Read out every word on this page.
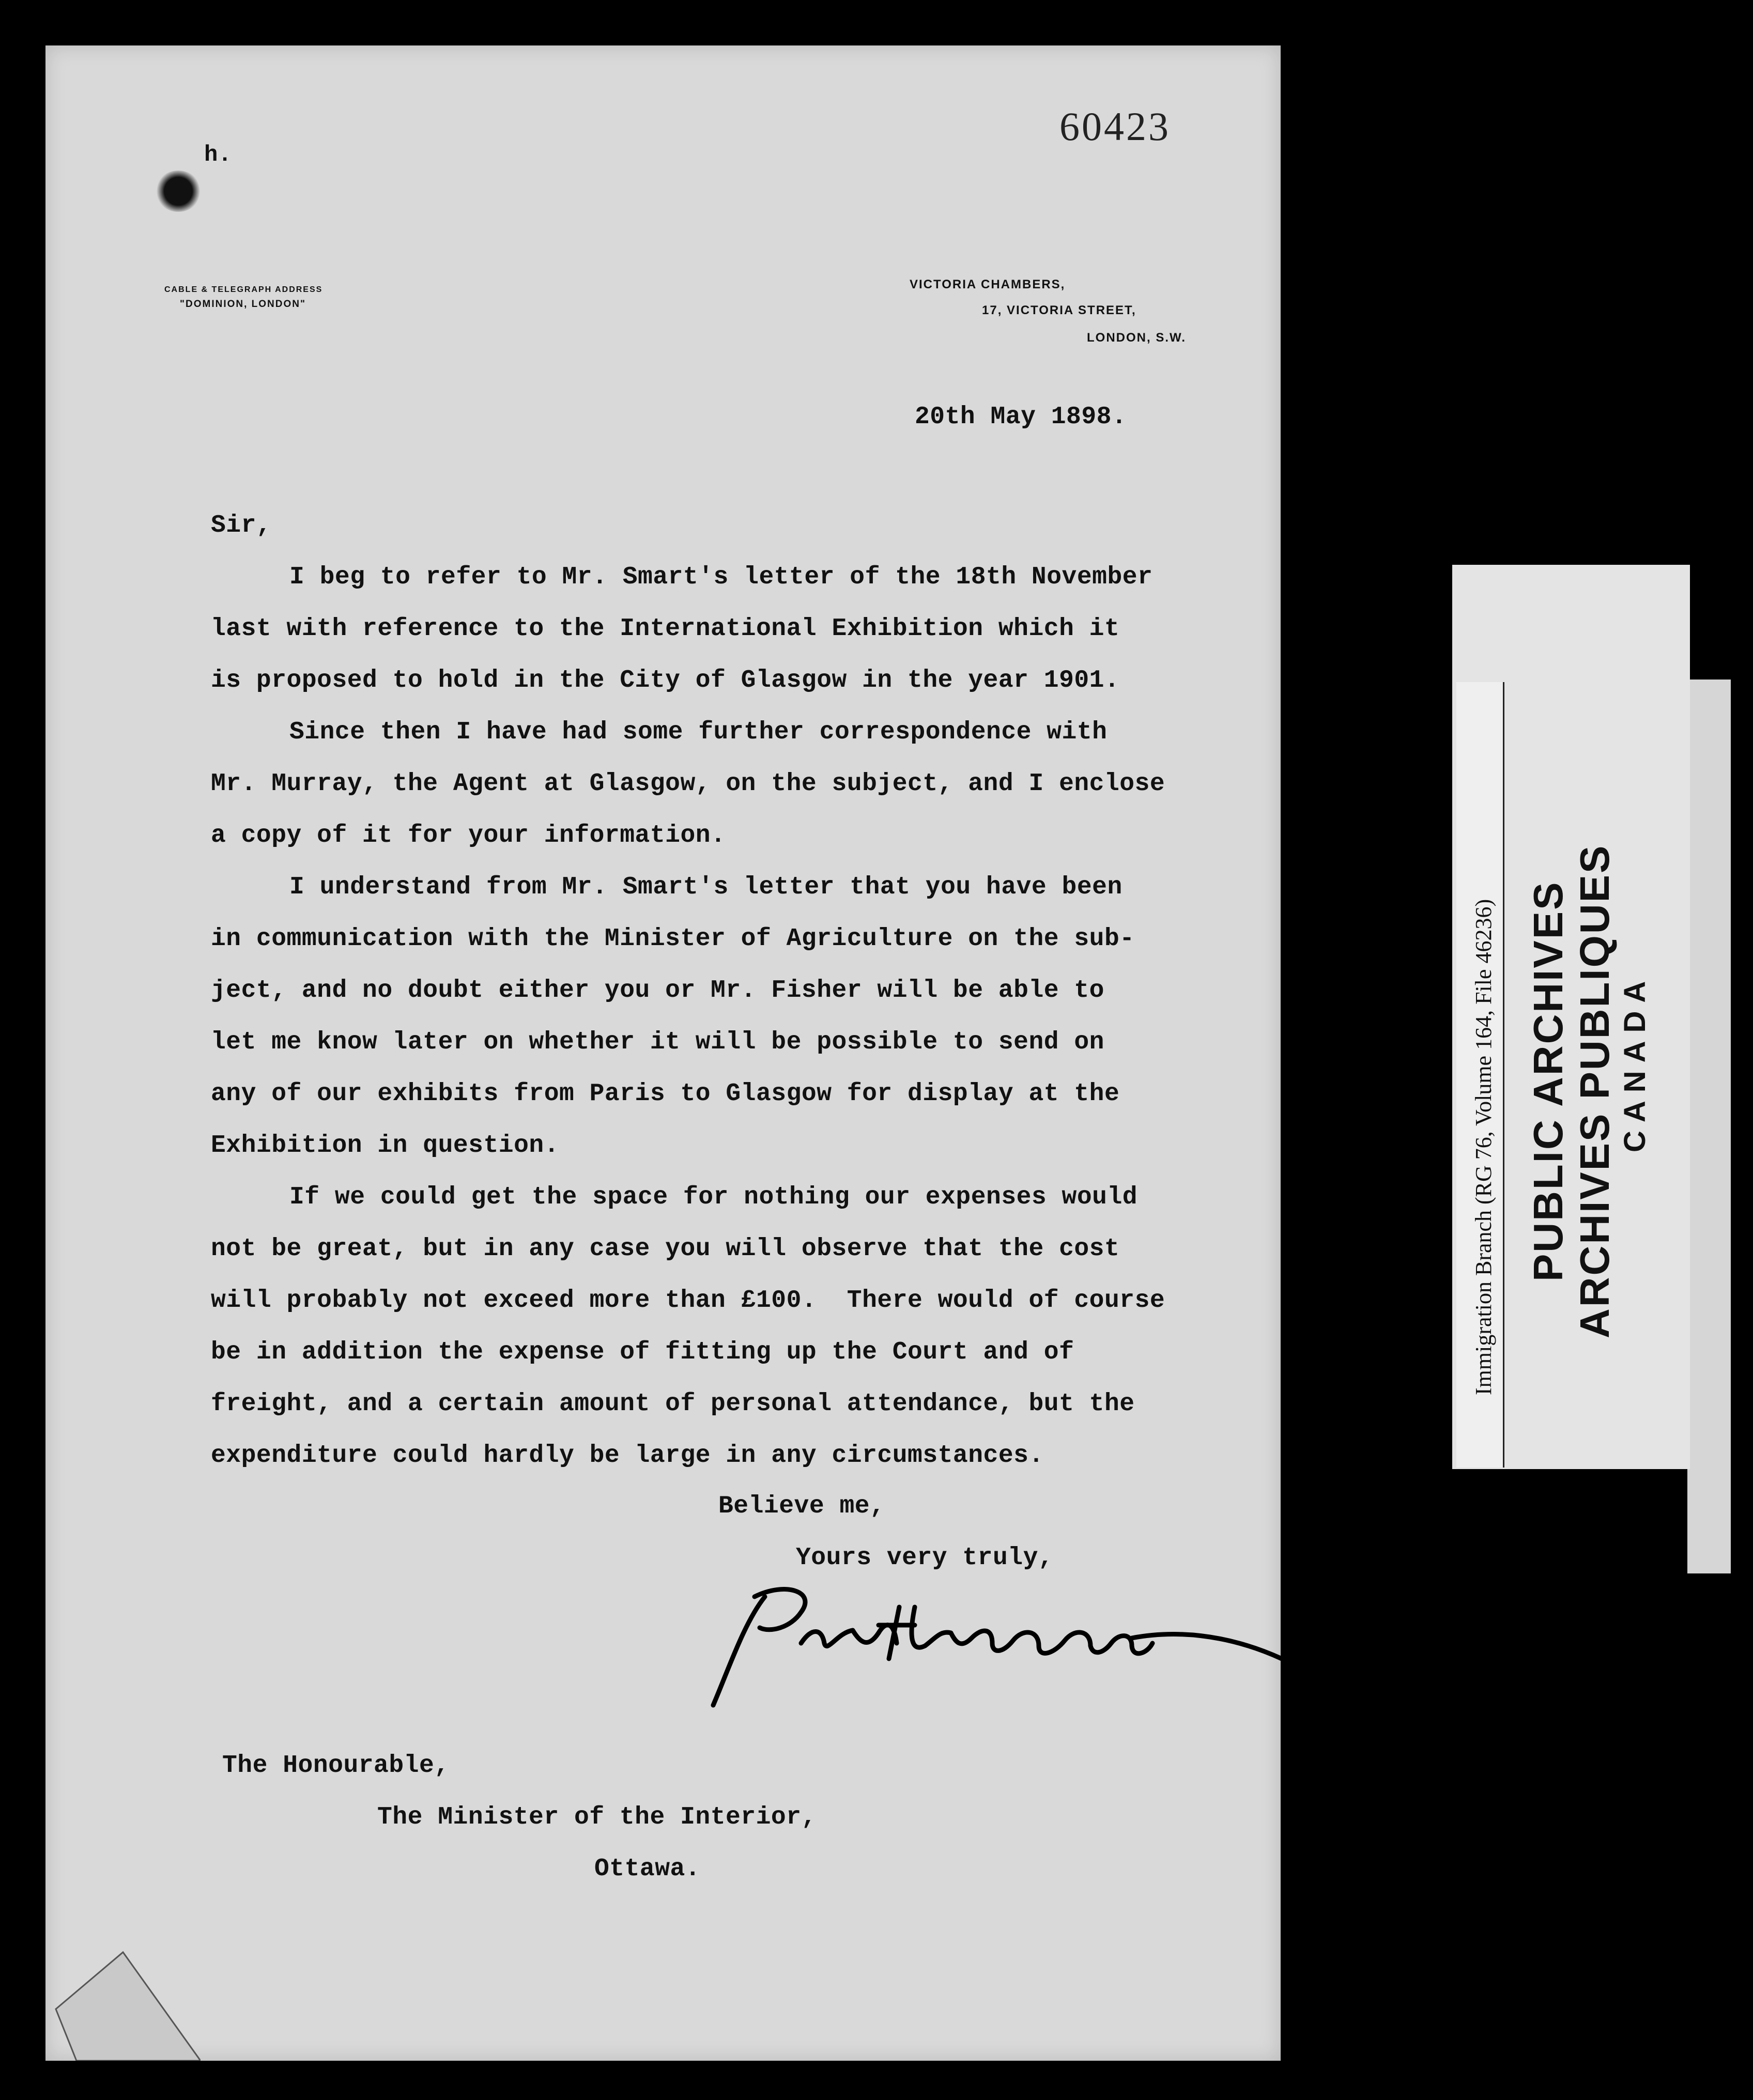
60423
h.
CABLE & TELEGRAPH ADDRESS
"DOMINION, LONDON"
VICTORIA CHAMBERS,
17, VICTORIA STREET,
LONDON, S.W.
20th May 1898.
Sir,
I beg to refer to Mr. Smart's letter of the 18th November
last with reference to the International Exhibition which it
is proposed to hold in the City of Glasgow in the year 1901.
Since then I have had some further correspondence with
Mr. Murray, the Agent at Glasgow, on the subject, and I enclose
a copy of it for your information.
I understand from Mr. Smart's letter that you have been
in communication with the Minister of Agriculture on the sub-
ject, and no doubt either you or Mr. Fisher will be able to
let me know later on whether it will be possible to send on
any of our exhibits from Paris to Glasgow for display at the
Exhibition in question.
If we could get the space for nothing our expenses would
not be great, but in any case you will observe that the cost
will probably not exceed more than £100.  There would of course
be in addition the expense of fitting up the Court and of
freight, and a certain amount of personal attendance, but the
expenditure could hardly be large in any circumstances.
Believe me,
Yours very truly,
The Honourable,
The Minister of the Interior,
Ottawa.
Immigration Branch (RG 76, Volume 164, File 46236) PUBLIC ARCHIVES ARCHIVES PUBLIQUES CANADA
